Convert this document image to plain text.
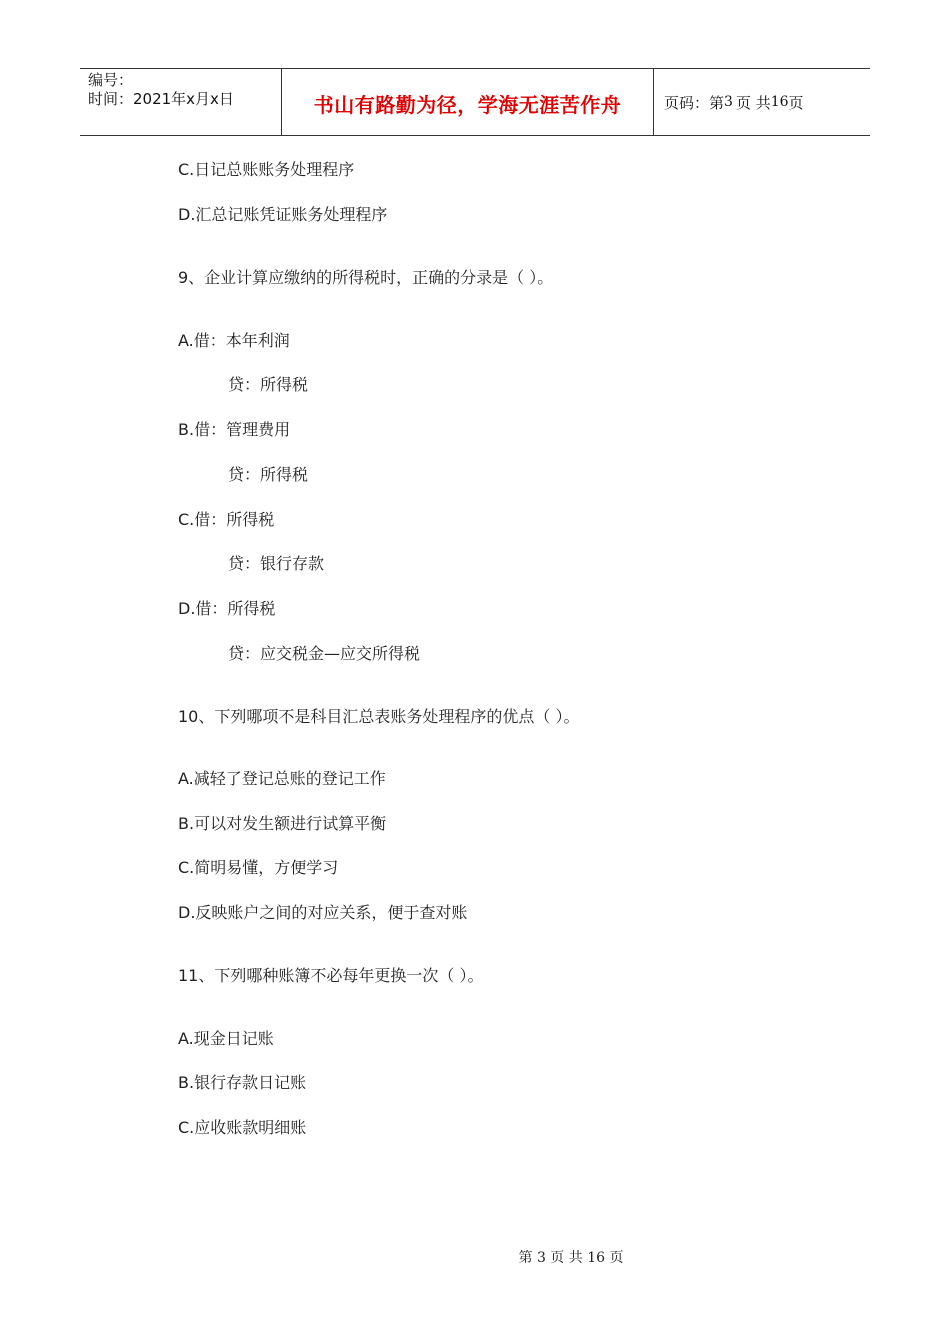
编号：
时间：2021年x月x日	书山有路勤为径，学海无涯苦作舟	页码：第 3 页 共 16 页
C.日记总账账务处理程序
D.汇总记账凭证账务处理程序
9、企业计算应缴纳的所得税时，正确的分录是（ ）。
A.借：本年利润
贷：所得税
B.借：管理费用
贷：所得税
C.借：所得税
贷：银行存款
D.借：所得税
贷：应交税金—应交所得税
10、下列哪项不是科目汇总表账务处理程序的优点（ ）。
A.减轻了登记总账的登记工作
B.可以对发生额进行试算平衡
C.简明易懂，方便学习
D.反映账户之间的对应关系，便于查对账
11、下列哪种账簿不必每年更换一次（ ）。
A.现金日记账
B.银行存款日记账
C.应收账款明细账
第 3 页 共 16 页
